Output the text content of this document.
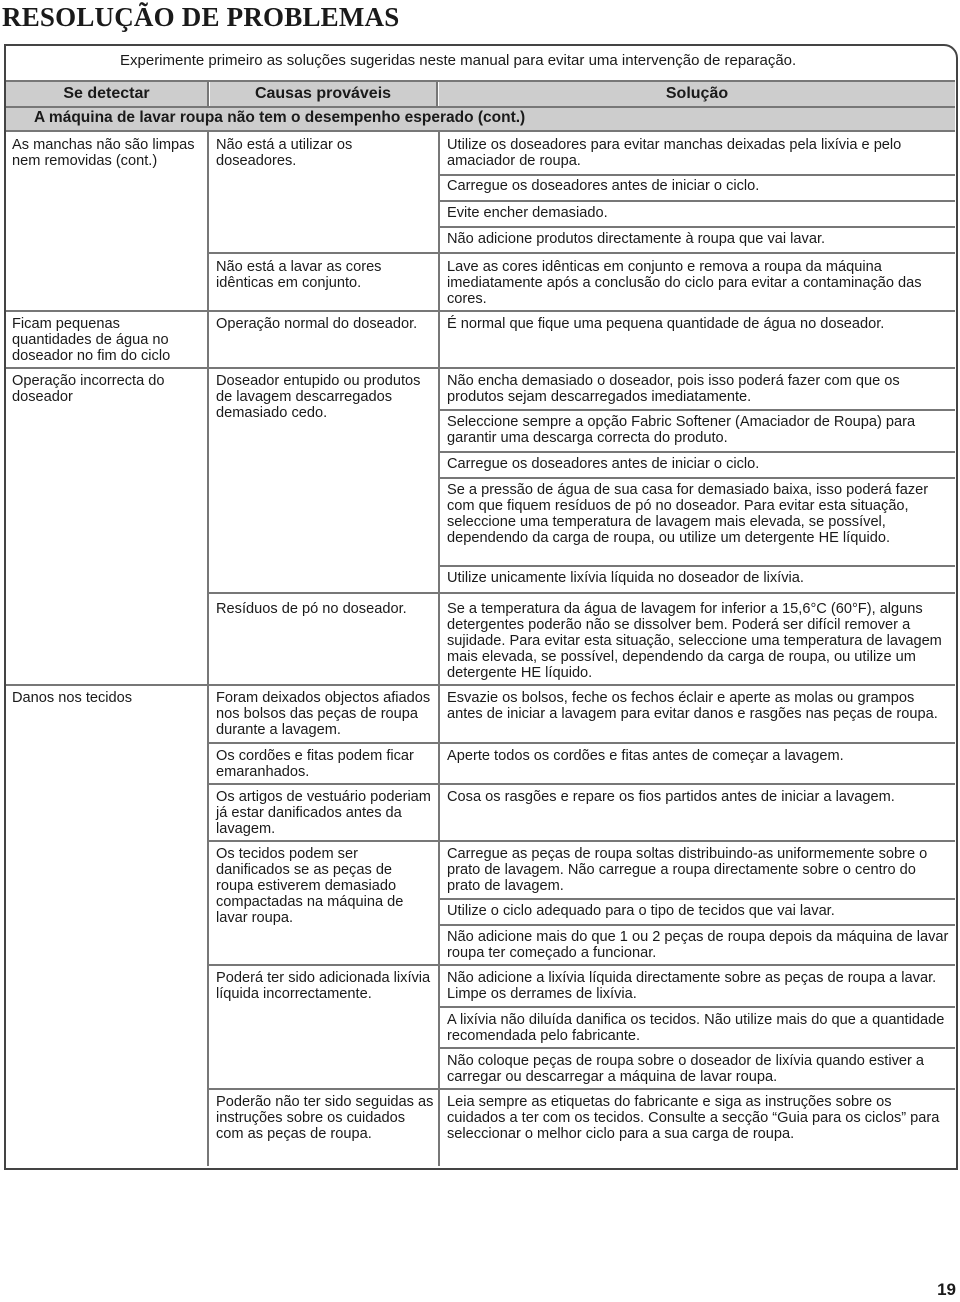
RESOLUÇÃO DE PROBLEMAS
Experimente primeiro as soluções sugeridas neste manual para evitar uma intervenção de reparação.
Se detectar	Causas prováveis	Solução
A máquina de lavar roupa não tem o desempenho esperado (cont.)
As manchas não são limpas nem removidas (cont.)
Ficam pequenas quantidades de água no doseador no fim do ciclo
Operação incorrecta do doseador
Danos nos tecidos
Não está a utilizar os doseadores.
Não está a lavar as cores idênticas em conjunto.
Operação normal do doseador.
Doseador entupido ou produtos de lavagem descarregados demasiado cedo.
Resíduos de pó no doseador.
Foram deixados objectos afiados nos bolsos das peças de roupa durante a lavagem.
Os cordões e fitas podem ficar emaranhados.
Os artigos de vestuário poderiam já estar danificados antes da lavagem.
Os tecidos podem ser danificados se as peças de roupa estiverem demasiado compactadas na máquina de lavar roupa.
Poderá ter sido adicionada lixívia líquida incorrectamente.
Poderão não ter sido seguidas as instruções sobre os cuidados com as peças de roupa.
Utilize os doseadores para evitar manchas deixadas pela lixívia e pelo amaciador de roupa.
Carregue os doseadores antes de iniciar o ciclo.
Evite encher demasiado.
Não adicione produtos directamente à roupa que vai lavar.
Lave as cores idênticas em conjunto e remova a roupa da máquina imediatamente após a conclusão do ciclo para evitar a contaminação das cores.
É normal que fique uma pequena quantidade de água no doseador.
Não encha demasiado o doseador, pois isso poderá fazer com que os produtos sejam descarregados imediatamente.
Seleccione sempre a opção Fabric Softener (Amaciador de Roupa) para garantir uma descarga correcta do produto.
Carregue os doseadores antes de iniciar o ciclo.
Se a pressão de água de sua casa for demasiado baixa, isso poderá fazer com que fiquem resíduos de pó no doseador. Para evitar esta situação, seleccione uma temperatura de lavagem mais elevada, se possível, dependendo da carga de roupa, ou utilize um detergente HE líquido.
Utilize unicamente lixívia líquida no doseador de lixívia.
Se a temperatura da água de lavagem for inferior a 15,6°C (60°F), alguns detergentes poderão não se dissolver bem. Poderá ser difícil remover a sujidade. Para evitar esta situação, seleccione uma temperatura de lavagem mais elevada, se possível, dependendo da carga de roupa, ou utilize um detergente HE líquido.
Esvazie os bolsos, feche os fechos éclair e aperte as molas ou grampos antes de iniciar a lavagem para evitar danos e rasgões nas peças de roupa.
Aperte todos os cordões e fitas antes de começar a lavagem.
Cosa os rasgões e repare os fios partidos antes de iniciar a lavagem.
Carregue as peças de roupa soltas distribuindo-as uniformemente sobre o prato de lavagem. Não carregue a roupa directamente sobre o centro do prato de lavagem.
Utilize o ciclo adequado para o tipo de tecidos que vai lavar.
Não adicione mais do que 1 ou 2 peças de roupa depois da máquina de lavar roupa ter começado a funcionar.
Não adicione a lixívia líquida directamente sobre as peças de roupa a lavar. Limpe os derrames de lixívia.
A lixívia não diluída danifica os tecidos. Não utilize mais do que a quantidade recomendada pelo fabricante.
Não coloque peças de roupa sobre o doseador de lixívia quando estiver a carregar ou descarregar a máquina de lavar roupa.
Leia sempre as etiquetas do fabricante e siga as instruções sobre os cuidados a ter com os tecidos. Consulte a secção “Guia para os ciclos” para seleccionar o melhor ciclo para a sua carga de roupa.
19
